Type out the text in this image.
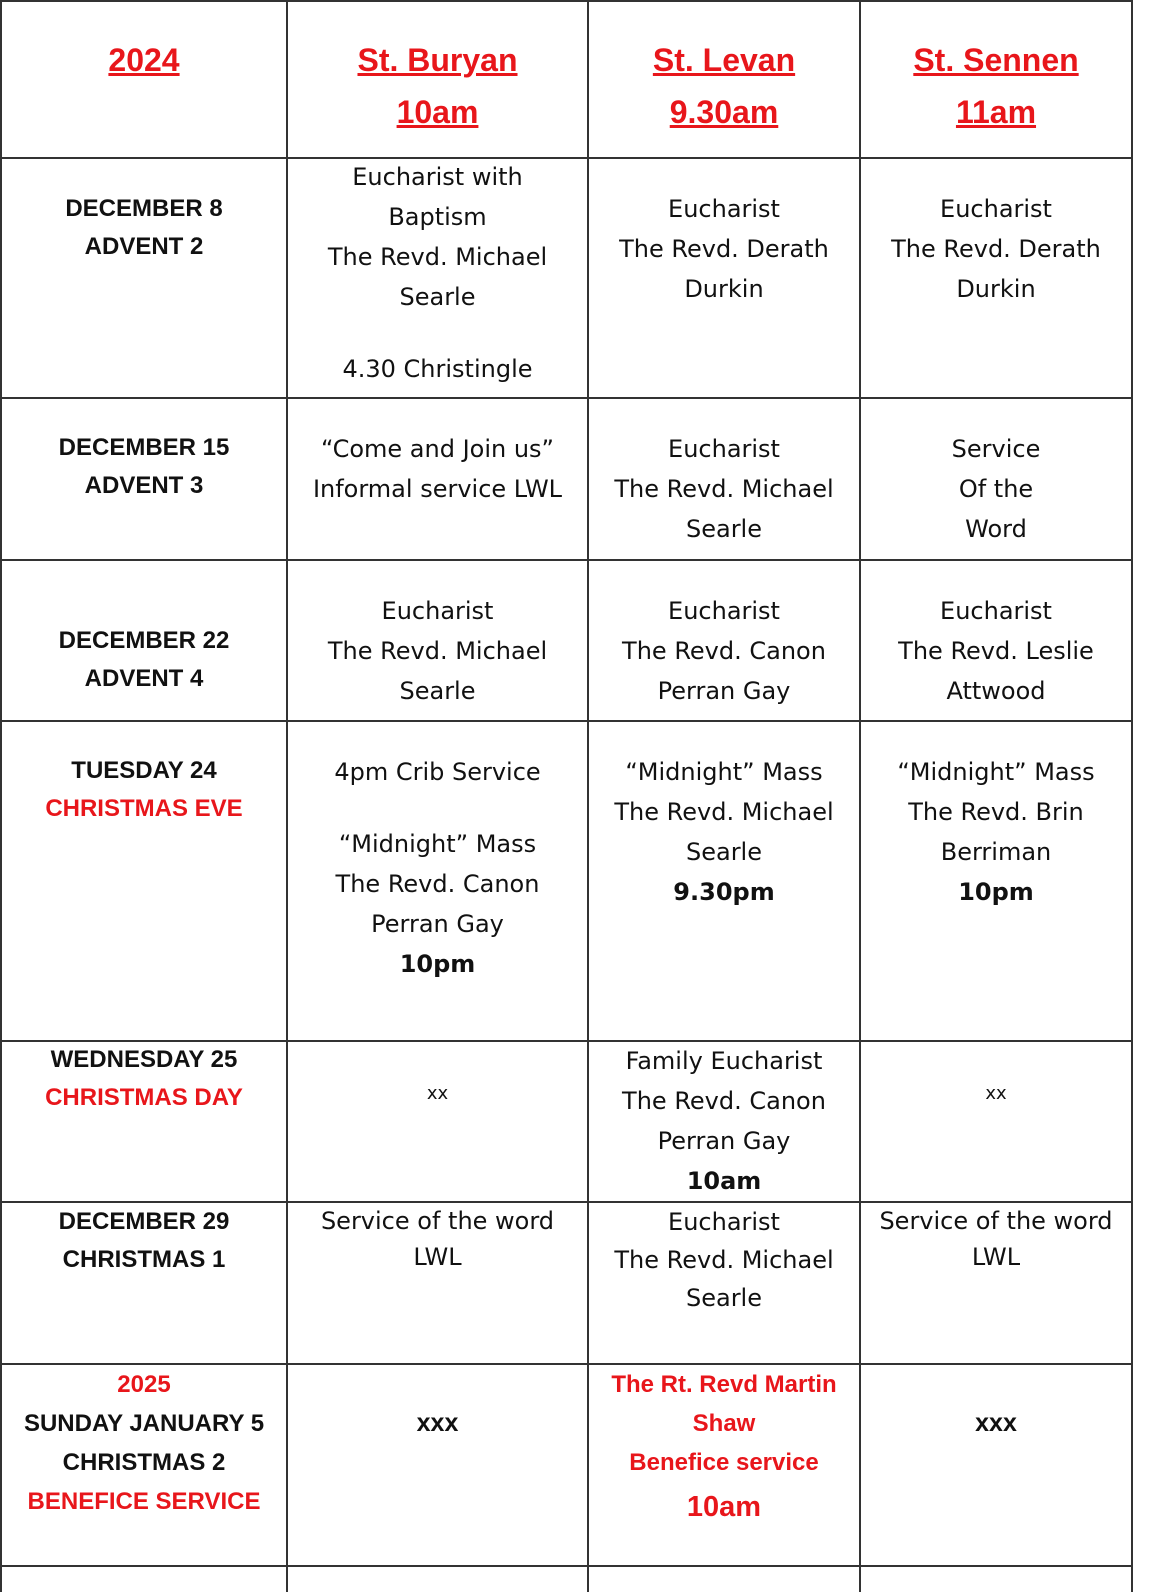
2024	St. Buryan
10am
St. Levan
9.30am
St. Sennen
11am
DECEMBER 8
ADVENT 2
Eucharist with
Baptism
The Revd. Michael
Searle
4.30 Christingle
Eucharist
The Revd. Derath
Durkin
Eucharist
The Revd. Derath
Durkin
DECEMBER 15
ADVENT 3
“Come and Join us”
Informal service LWL
Eucharist
The Revd. Michael
Searle
Service
Of the
Word
DECEMBER 22
ADVENT 4
Eucharist
The Revd. Michael
Searle
Eucharist
The Revd. Canon
Perran Gay
Eucharist
The Revd. Leslie
Attwood
TUESDAY 24
CHRISTMAS EVE
4pm Crib Service
“Midnight” Mass
The Revd. Canon
Perran Gay
10pm
“Midnight” Mass
The Revd. Michael
Searle
9.30pm
“Midnight” Mass
The Revd. Brin
Berriman
10pm
WEDNESDAY 25
CHRISTMAS DAY	xx
Family Eucharist
The Revd. Canon
Perran Gay
10am
xx
DECEMBER 29
CHRISTMAS 1
Service of the word
LWL
Eucharist
The Revd. Michael
Searle
Service of the word
LWL
2025
SUNDAY JANUARY 5
CHRISTMAS 2
BENEFICE SERVICE
xxx
The Rt. Revd Martin
Shaw
Benefice service
10am
xxx
